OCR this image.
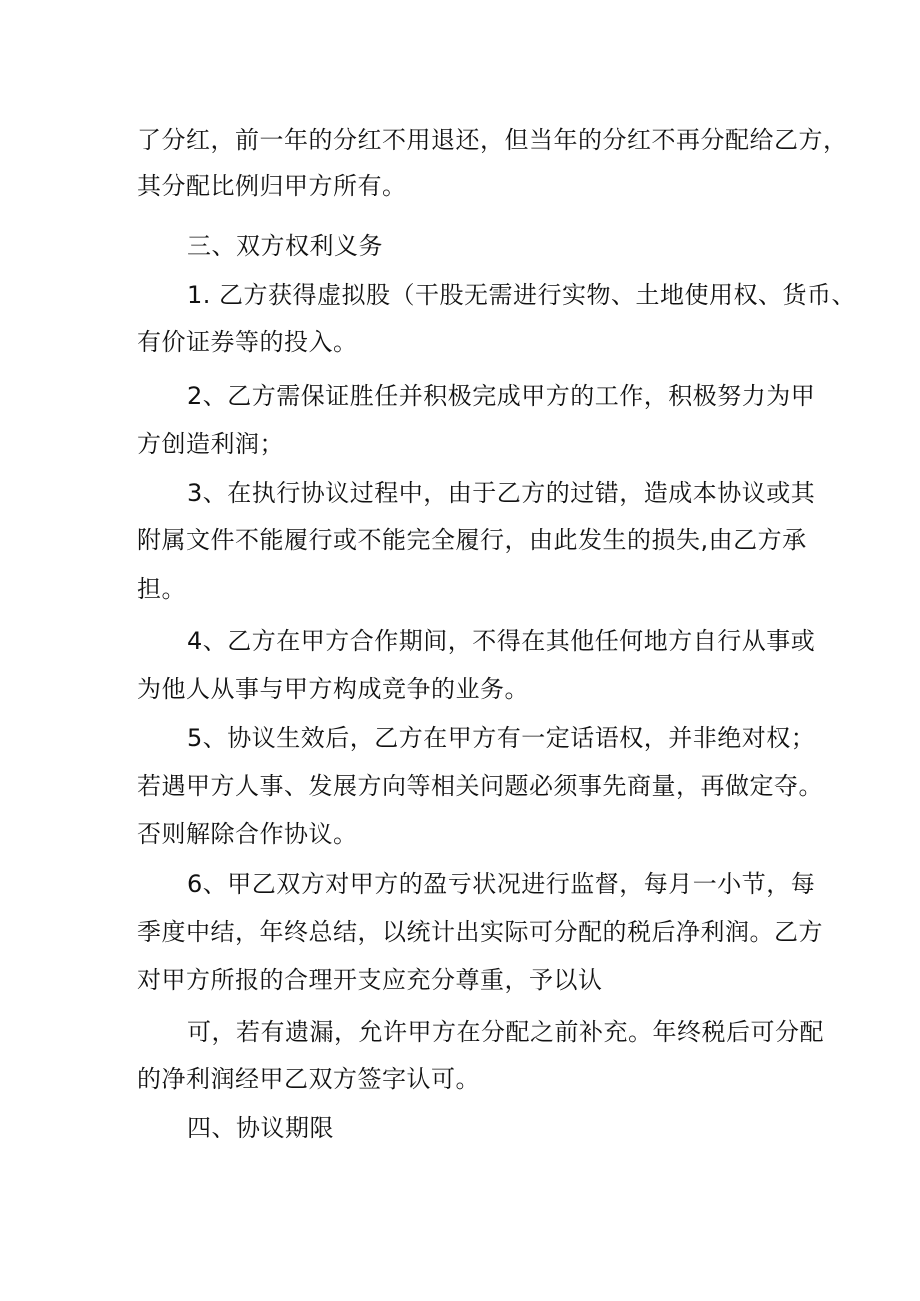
了分红，前一年的分红不用退还，但当年的分红不再分配给乙方，
其分配比例归甲方所有。
三、双方权利义务
1. 乙方获得虚拟股（干股无需进行实物、土地使用权、货币、
有价证券等的投入。
2、乙方需保证胜任并积极完成甲方的工作，积极努力为甲
方创造利润；
3、在执行协议过程中，由于乙方的过错，造成本协议或其
附属文件不能履行或不能完全履行，由此发生的损失,由乙方承
担。
4、乙方在甲方合作期间，不得在其他任何地方自行从事或
为他人从事与甲方构成竞争的业务。
5、协议生效后，乙方在甲方有一定话语权，并非绝对权；
若遇甲方人事、发展方向等相关问题必须事先商量，再做定夺。
否则解除合作协议。
6、甲乙双方对甲方的盈亏状况进行监督，每月一小节，每
季度中结，年终总结，以统计出实际可分配的税后净利润。乙方
对甲方所报的合理开支应充分尊重，予以认
可，若有遗漏，允许甲方在分配之前补充。年终税后可分配
的净利润经甲乙双方签字认可。
四、协议期限
